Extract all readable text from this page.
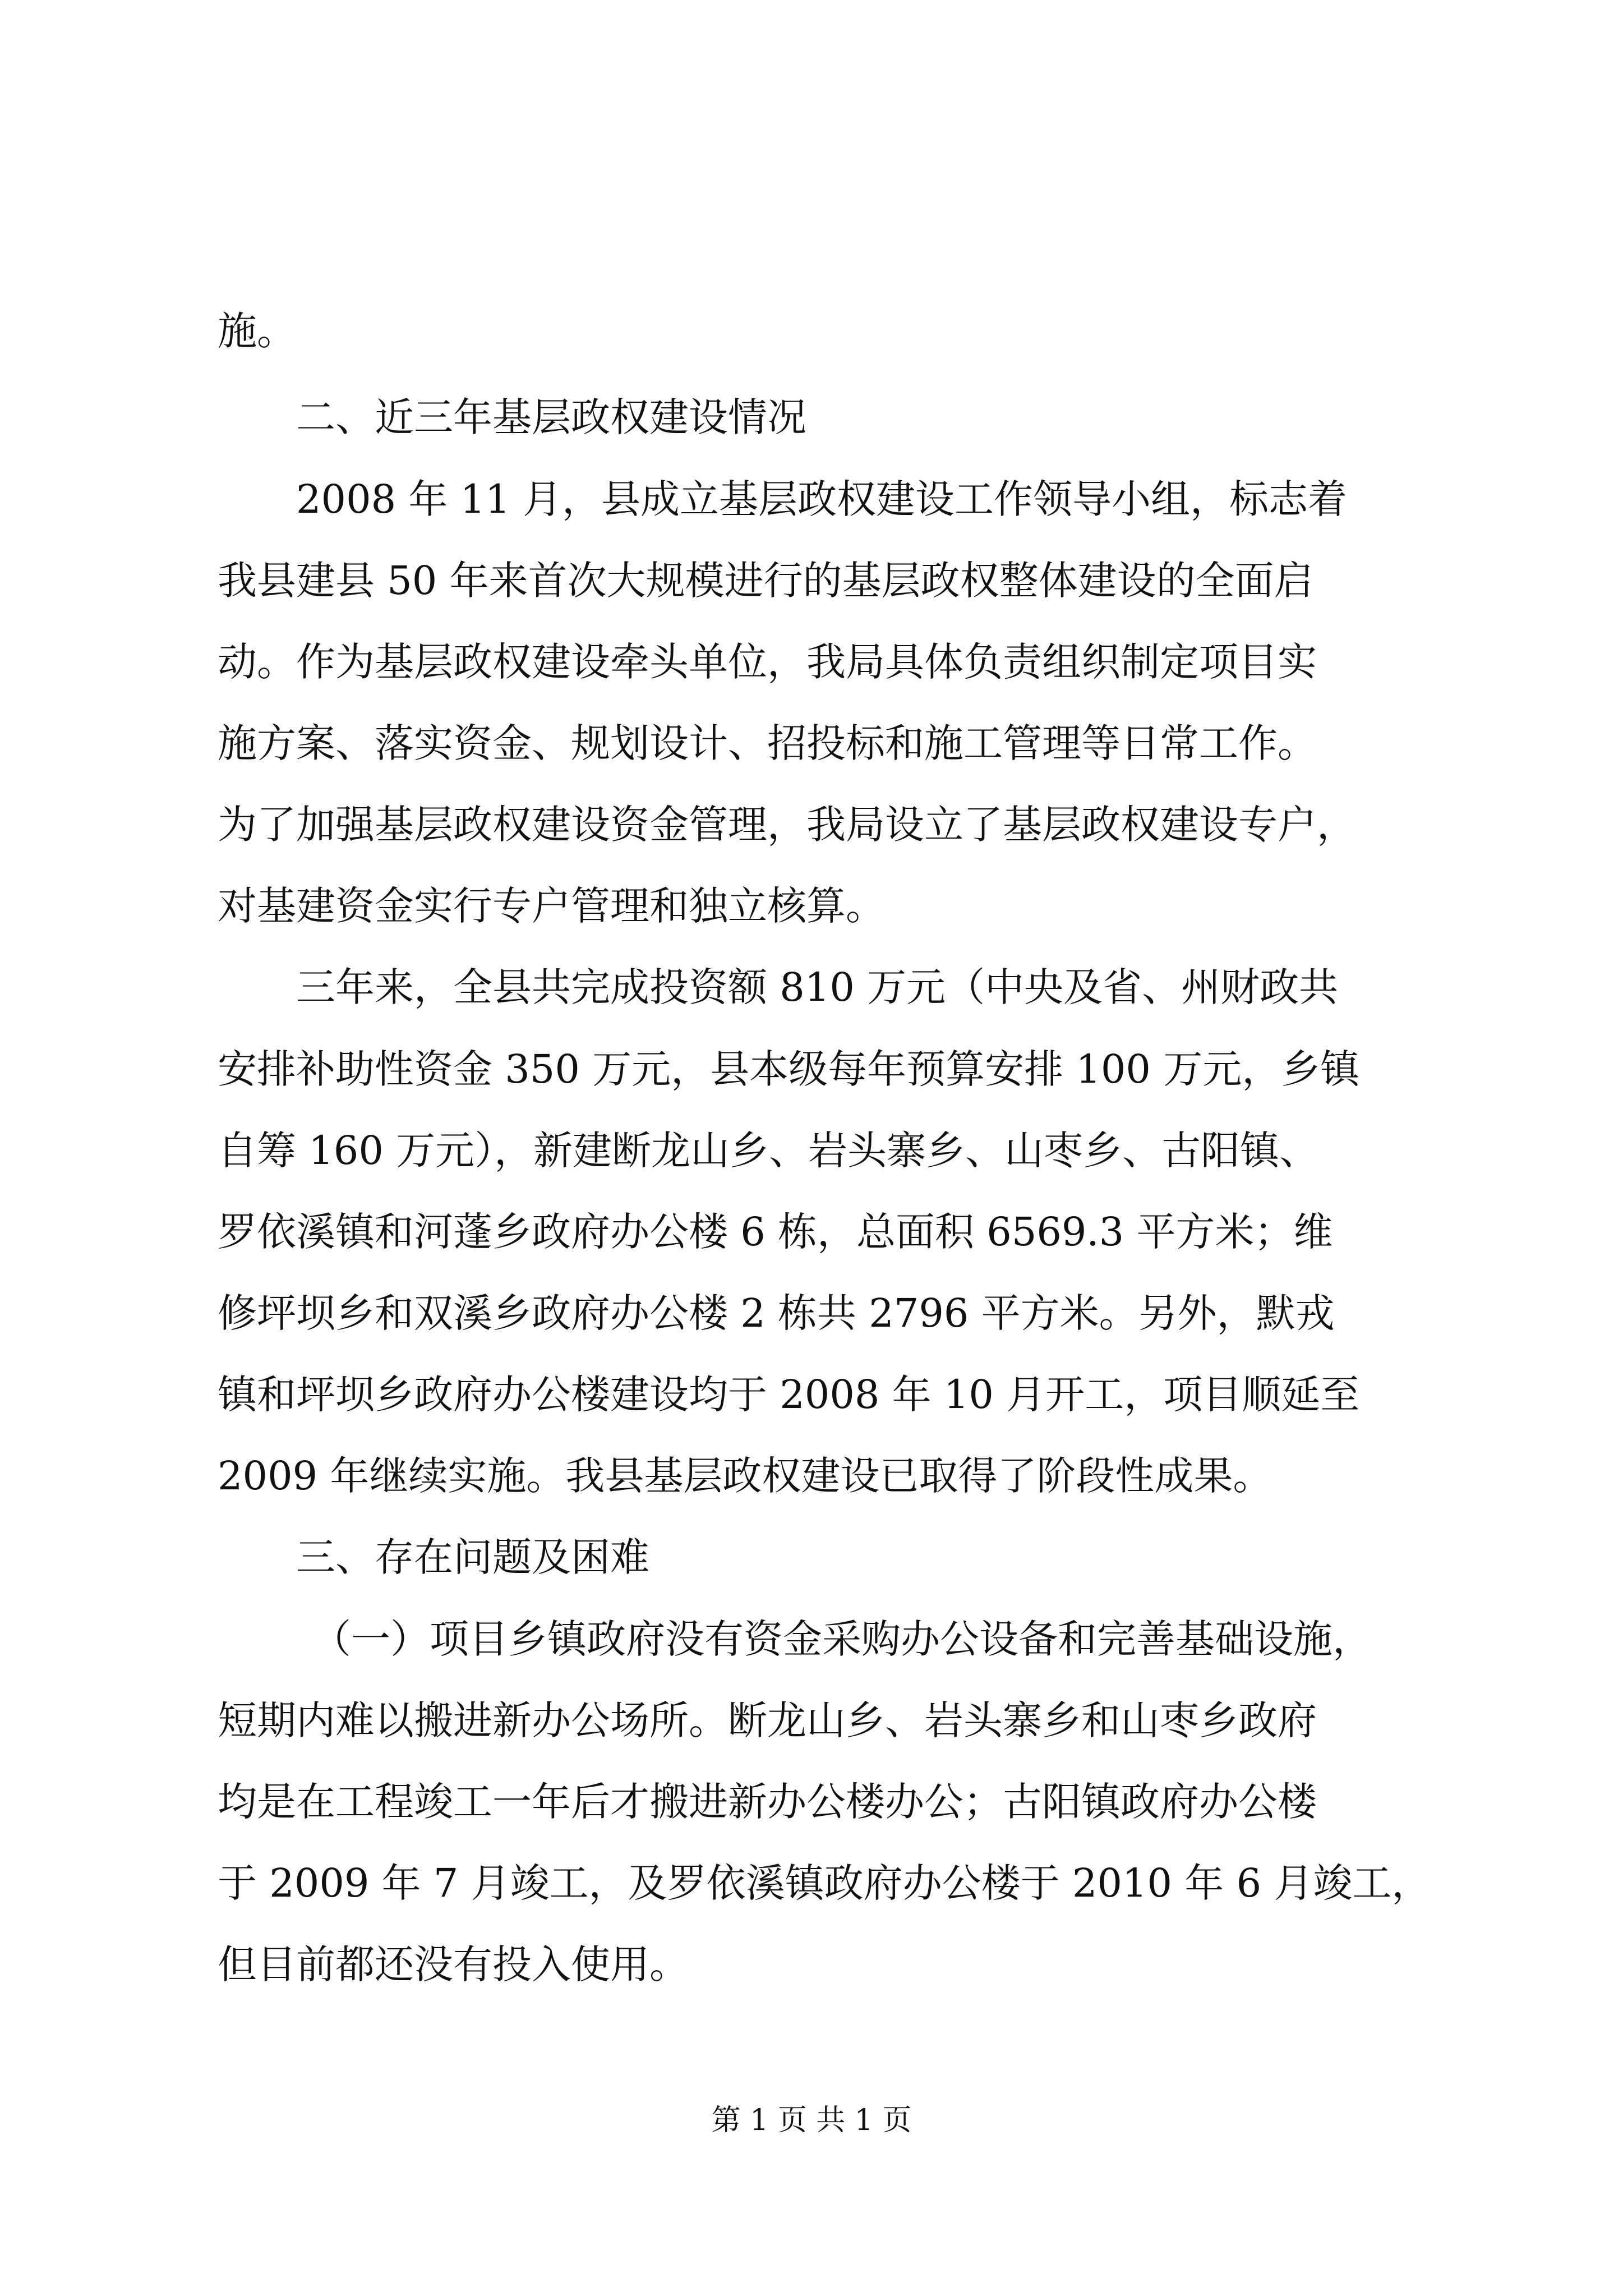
施。
二、近三年基层政权建设情况
2008 年 11 月，县成立基层政权建设工作领导小组，标志着
我县建县 50 年来首次大规模进行的基层政权整体建设的全面启
动。作为基层政权建设牵头单位，我局具体负责组织制定项目实
施方案、落实资金、规划设计、招投标和施工管理等日常工作。
为了加强基层政权建设资金管理，我局设立了基层政权建设专户，
对基建资金实行专户管理和独立核算。
三年来，全县共完成投资额 810 万元（中央及省、州财政共
安排补助性资金 350 万元，县本级每年预算安排 100 万元，乡镇
自筹 160 万元），新建断龙山乡、岩头寨乡、山枣乡、古阳镇、
罗依溪镇和河蓬乡政府办公楼 6 栋，总面积 6569.3 平方米；维
修坪坝乡和双溪乡政府办公楼 2 栋共 2796 平方米。另外，默戎
镇和坪坝乡政府办公楼建设均于 2008 年 10 月开工，项目顺延至
2009 年继续实施。我县基层政权建设已取得了阶段性成果。
三、存在问题及困难
（一）项目乡镇政府没有资金采购办公设备和完善基础设施，
短期内难以搬进新办公场所。断龙山乡、岩头寨乡和山枣乡政府
均是在工程竣工一年后才搬进新办公楼办公；古阳镇政府办公楼
于 2009 年 7 月竣工，及罗依溪镇政府办公楼于 2010 年 6 月竣工，
但目前都还没有投入使用。
第 1 页 共 1 页
